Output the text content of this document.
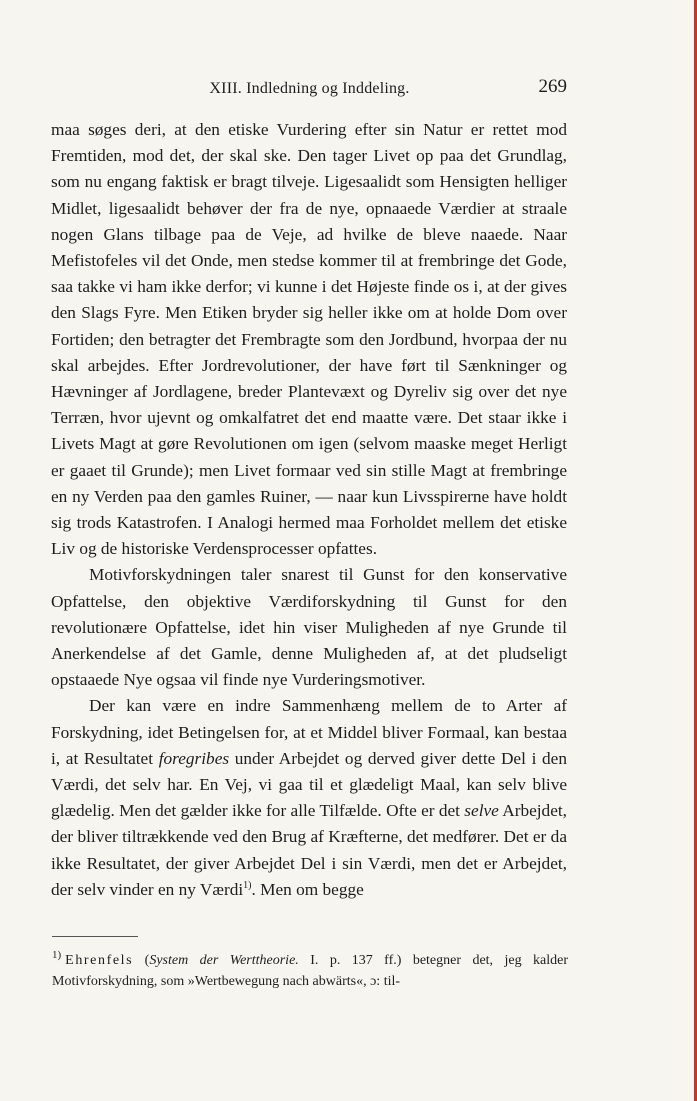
XIII. Indledning og Inddeling.	269

maa søges deri, at den etiske Vurdering efter sin Natur er rettet mod Fremtiden, mod det, der skal ske. Den tager Livet op paa det Grundlag, som nu engang faktisk er bragt tilveje. Ligesaalidt som Hensigten helliger Midlet, ligesaalidt behøver der fra de nye, opnaaede Værdier at straale nogen Glans tilbage paa de Veje, ad hvilke de bleve naaede. Naar Mefistofeles vil det Onde, men stedse kommer til at frembringe det Gode, saa takke vi ham ikke derfor; vi kunne i det Højeste finde os i, at der gives den Slags Fyre. Men Etiken bryder sig heller ikke om at holde Dom over Fortiden; den betragter det Frembragte som den Jordbund, hvorpaa der nu skal arbejdes. Efter Jordrevolutioner, der have ført til Sænkninger og Hævninger af Jordlagene, breder Plantevæxt og Dyreliv sig over det nye Terræn, hvor ujevnt og omkalfatret det end maatte være. Det staar ikke i Livets Magt at gøre Revolutionen om igen (selvom maaske meget Herligt er gaaet til Grunde); men Livet formaar ved sin stille Magt at frembringe en ny Verden paa den gamles Ruiner, — naar kun Livsspirerne have holdt sig trods Katastrofen. I Analogi hermed maa Forholdet mellem det etiske Liv og de historiske Verdensprocesser opfattes.

Motivforskydningen taler snarest til Gunst for den konservative Opfattelse, den objektive Værdiforskydning til Gunst for den revolutionære Opfattelse, idet hin viser Muligheden af nye Grunde til Anerkendelse af det Gamle, denne Muligheden af, at det pludseligt opstaaede Nye ogsaa vil finde nye Vurderingsmotiver.

Der kan være en indre Sammenhæng mellem de to Arter af Forskydning, idet Betingelsen for, at et Middel bliver Formaal, kan bestaa i, at Resultatet foregribes under Arbejdet og derved giver dette Del i den Værdi, det selv har. En Vej, vi gaa til et glædeligt Maal, kan selv blive glædelig. Men det gælder ikke for alle Tilfælde. Ofte er det selve Arbejdet, der bliver tiltrækkende ved den Brug af Kræfterne, det medfører. Det er da ikke Resultatet, der giver Arbejdet Del i sin Værdi, men det er Arbejdet, der selv vinder en ny Værdi$^{1)}$. Men om begge

$^{1)}$ Ehrenfels (System der Werttheorie. I. p. 137 ff.) betegner det, jeg kalder Motivforskydning, som »Wertbewegung nach abwärts«, ɔ: til-
